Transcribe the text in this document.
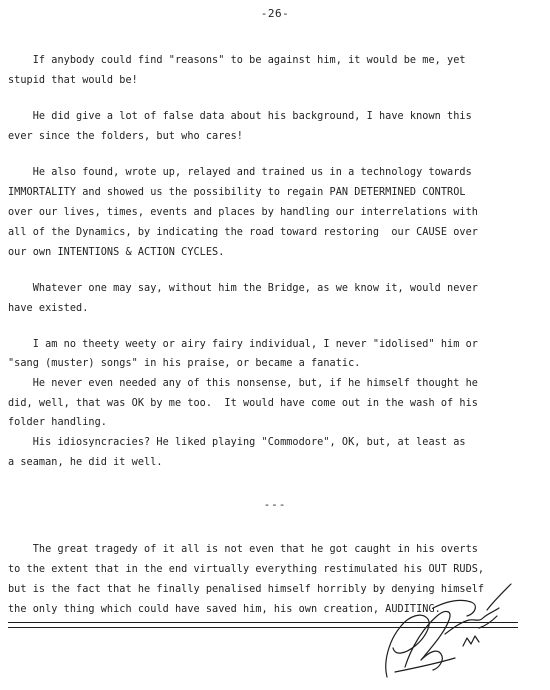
-26-
If anybody could find "reasons" to be against him, it would be me, yet
stupid that would be!
He did give a lot of false data about his background, I have known this
ever since the folders, but who cares!
He also found, wrote up, relayed and trained us in a technology towards
IMMORTALITY and showed us the possibility to regain PAN DETERMINED CONTROL
over our lives, times, events and places by handling our interrelations with
all of the Dynamics, by indicating the road toward restoring  our CAUSE over
our own INTENTIONS & ACTION CYCLES.
Whatever one may say, without him the Bridge, as we know it, would never
have existed.
I am no theety weety or airy fairy individual, I never "idolised" him or
"sang (muster) songs" in his praise, or became a fanatic.
He never even needed any of this nonsense, but, if he himself thought he
did, well, that was OK by me too.  It would have come out in the wash of his
folder handling.
His idiosyncracies? He liked playing "Commodore", OK, but, at least as
a seaman, he did it well.
---
The great tragedy of it all is not even that he got caught in his overts
to the extent that in the end virtually everything restimulated his OUT RUDS,
but is the fact that he finally penalised himself horribly by denying himself
the only thing which could have saved him, his own creation, AUDITING.
